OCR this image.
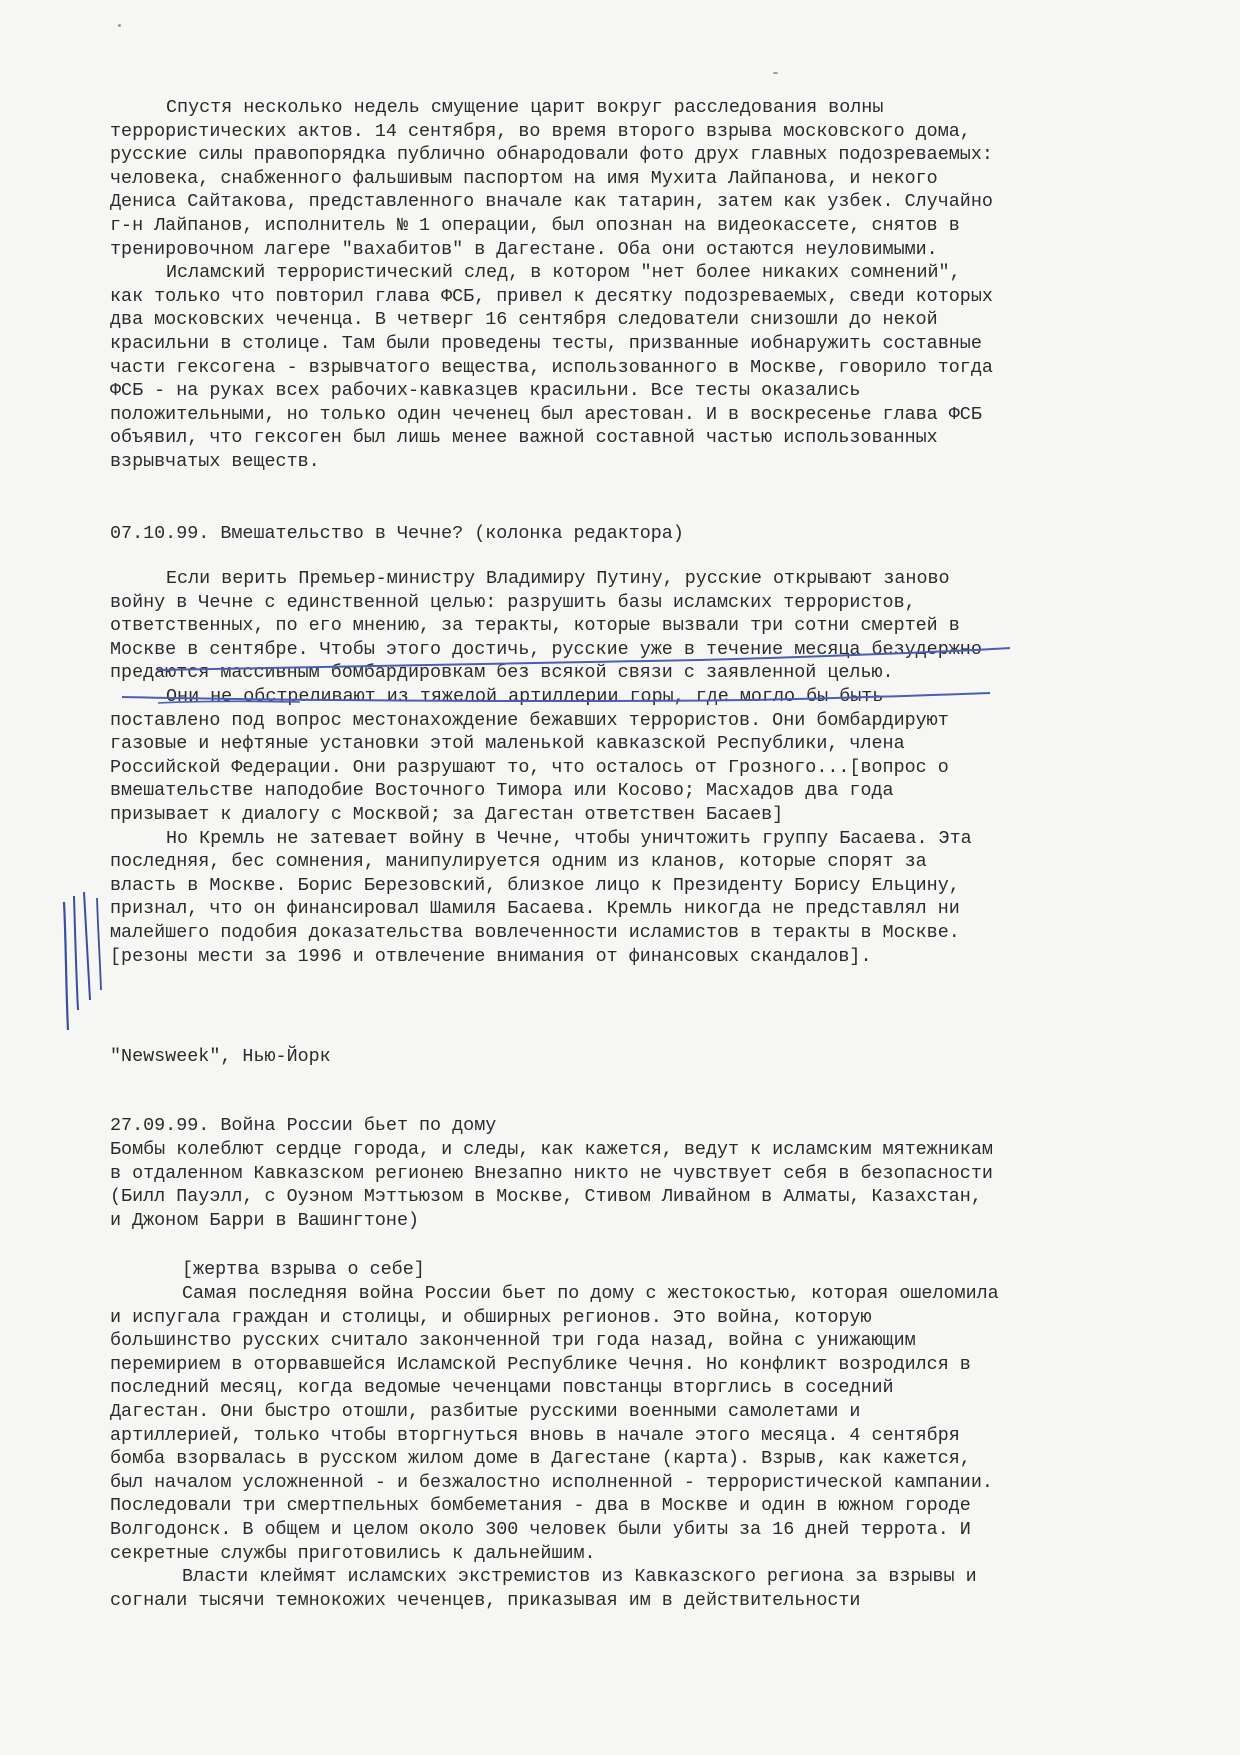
Спустя несколько недель смущение царит вокруг расследования волны
террористических актов. 14 сентября, во время второго взрыва московского дома,
русские силы правопорядка публично обнародовали фото друх главных подозреваемых:
человека, снабженного фальшивым паспортом на имя Мухита Лайпанова, и некого
Дениса Сайтакова, представленного вначале как татарин, затем как узбек. Случайно
г-н Лайпанов, исполнитель № 1 операции, был опознан на видеокассете, снятов в
тренировочном лагере "вахабитов" в Дагестане. Оба они остаются неуловимыми.
Исламский террористический след, в котором "нет более никаких сомнений",
как только что повторил глава ФСБ, привел к десятку подозреваемых, сведи которых
два московских чеченца. В четверг 16 сентября следователи снизошли до некой
красильни в столице. Там были проведены тесты, призванные иобнаружить составные
части гексогена - взрывчатого вещества, использованного в Москве, говорило тогда
ФСБ - на руках всех рабочих-кавказцев красильни. Все тесты оказались
положительными, но только один чеченец был арестован. И в воскресенье глава ФСБ
объявил, что гексоген был лишь менее важной составной частью использованных
взрывчатых веществ.
07.10.99. Вмешательство в Чечне? (колонка редактора)
Если верить Премьер-министру Владимиру Путину, русские открывают заново
войну в Чечне с единственной целью: разрушить базы исламских террористов,
ответственных, по его мнению, за теракты, которые вызвали три сотни смертей в
Москве в сентябре. Чтобы этого достичь, русские уже в течение месяца безудержно
предаются массивным бомбардировкам без всякой связи с заявленной целью.
Они не обстреливают из тяжелой артиллерии горы, где могло бы быть
поставлено под вопрос местонахождение бежавших террористов. Они бомбардируют
газовые и нефтяные установки этой маленькой кавказской Республики, члена
Российской Федерации. Они разрушают то, что осталось от Грозного...[вопрос о
вмешательстве наподобие Восточного Тимора или Косово; Масхадов два года
призывает к диалогу с Москвой; за Дагестан ответствен Басаев]
Но Кремль не затевает войну в Чечне, чтобы уничтожить группу Басаева. Эта
последняя, бес сомнения, манипулируется одним из кланов, которые спорят за
власть в Москве. Борис Березовский, близкое лицо к Президенту Борису Ельцину,
признал, что он финансировал Шамиля Басаева. Кремль никогда не представлял ни
малейшего подобия доказательства вовлеченности исламистов в теракты в Москве.
[резоны мести за 1996 и отвлечение внимания от финансовых скандалов].
"Newsweek", Нью-Йорк
27.09.99. Война России бьет по дому
Бомбы колеблют сердце города, и следы, как кажется, ведут к исламским мятежникам
в отдаленном Кавказском регионею Внезапно никто не чувствует себя в безопасности
(Билл Пауэлл, с Оуэном Мэттьюзом в Москве, Стивом Ливайном в Алматы, Казахстан,
и Джоном Барри в Вашингтоне)
[жертва взрыва о себе]
Самая последняя война России бьет по дому с жестокостью, которая ошеломила
и испугала граждан и столицы, и обширных регионов. Это война, которую
большинство русских считало законченной три года назад, война с унижающим
перемирием в оторвавшейся Исламской Республике Чечня. Но конфликт возродился в
последний месяц, когда ведомые чеченцами повстанцы вторглись в соседний
Дагестан. Они быстро отошли, разбитые русскими военными самолетами и
артиллерией, только чтобы вторгнуться вновь в начале этого месяца. 4 сентября
бомба взорвалась в русском жилом доме в Дагестане (карта). Взрыв, как кажется,
был началом усложненной - и безжалостно исполненной - террористической кампании.
Последовали три смертпельных бомбеметания - два в Москве и один в южном городе
Волгодонск. В общем и целом около 300 человек были убиты за 16 дней террота. И
секретные службы приготовились к дальнейшим.
Власти клеймят исламских экстремистов из Кавказского региона за взрывы и
согнали тысячи темнокожих чеченцев, приказывая им в действительности
